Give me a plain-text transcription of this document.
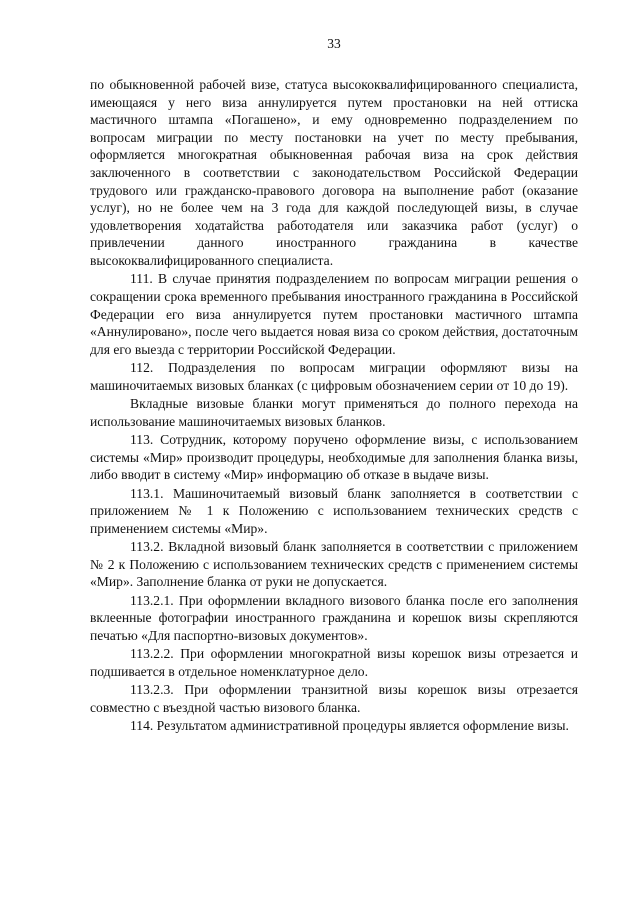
33

по обыкновенной рабочей визе, статуса высококвалифицированного специалиста, имеющаяся у него виза аннулируется путем простановки на ней оттиска мастичного штампа «Погашено», и ему одновременно подразделением по вопросам миграции по месту постановки на учет по месту пребывания, оформляется многократная обыкновенная рабочая виза на срок действия заключенного в соответствии с законодательством Российской Федерации трудового или гражданско-правового договора на выполнение работ (оказание услуг), но не более чем на 3 года для каждой последующей визы, в случае удовлетворения ходатайства работодателя или заказчика работ (услуг) о привлечении данного иностранного гражданина в качестве высококвалифицированного специалиста.

111. В случае принятия подразделением по вопросам миграции решения о сокращении срока временного пребывания иностранного гражданина в Российской Федерации его виза аннулируется путем простановки мастичного штампа «Аннулировано», после чего выдается новая виза со сроком действия, достаточным для его выезда с территории Российской Федерации.

112. Подразделения по вопросам миграции оформляют визы на машиночитаемых визовых бланках (с цифровым обозначением серии от 10 до 19).

Вкладные визовые бланки могут применяться до полного перехода на использование машиночитаемых визовых бланков.

113. Сотрудник, которому поручено оформление визы, с использованием системы «Мир» производит процедуры, необходимые для заполнения бланка визы, либо вводит в систему «Мир» информацию об отказе в выдаче визы.

113.1. Машиночитаемый визовый бланк заполняется в соответствии с приложением № 1 к Положению с использованием технических средств с применением системы «Мир».

113.2. Вкладной визовый бланк заполняется в соответствии с приложением № 2 к Положению с использованием технических средств с применением системы «Мир». Заполнение бланка от руки не допускается.

113.2.1. При оформлении вкладного визового бланка после его заполнения вклеенные фотографии иностранного гражданина и корешок визы скрепляются печатью «Для паспортно-визовых документов».

113.2.2. При оформлении многократной визы корешок визы отрезается и подшивается в отдельное номенклатурное дело.

113.2.3. При оформлении транзитной визы корешок визы отрезается совместно с въездной частью визового бланка.

114. Результатом административной процедуры является оформление визы.
